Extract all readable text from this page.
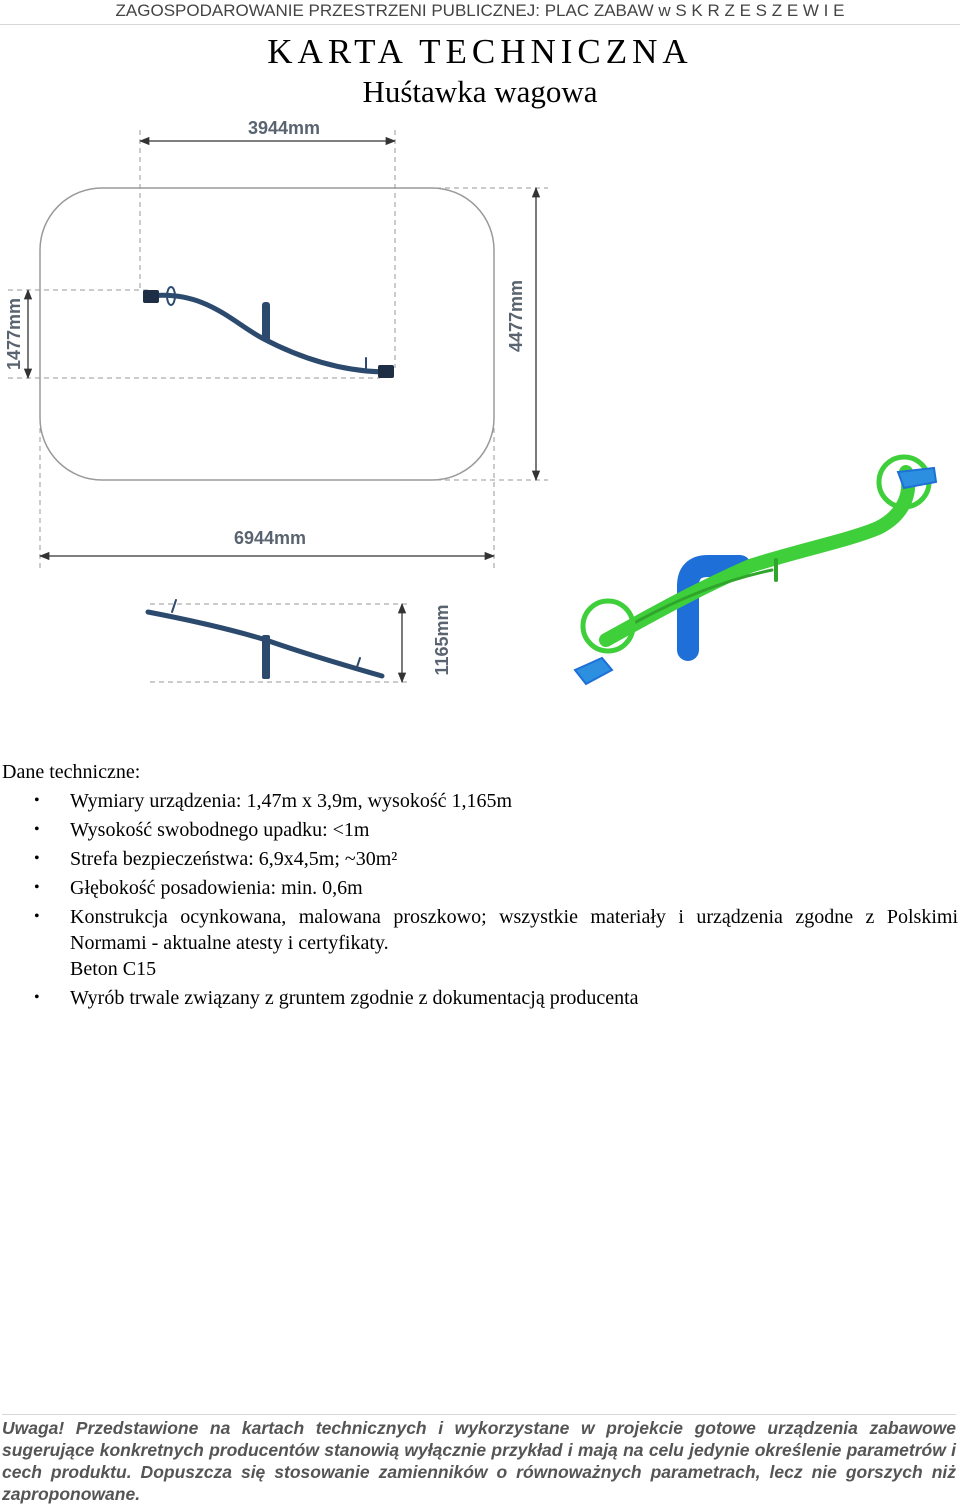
ZAGOSPODAROWANIE PRZESTRZENI PUBLICZNEJ: PLAC ZABAW w S K R Z E S Z E W I E
KARTA TECHNICZNA
Huśtawka wagowa
3944mm
1477mm	4477mm
6944mm
1165mm
Dane techniczne:
• Wymiary urządzenia: 1,47m x 3,9m, wysokość 1,165m
• Wysokość swobodnego upadku: <1m
• Strefa bezpieczeństwa: 6,9x4,5m; ~30m²
• Głębokość posadowienia: min. 0,6m
• Konstrukcja ocynkowana, malowana proszkowo; wszystkie materiały i urządzenia zgodne z Polskimi Normami - aktualne atesty i certyfikaty.
Beton C15
• Wyrób trwale związany z gruntem zgodnie z dokumentacją producenta
Uwaga! Przedstawione na kartach technicznych i wykorzystane w projekcie gotowe urządzenia zabawowe sugerujące konkretnych producentów stanowią wyłącznie przykład i mają na celu jedynie określenie parametrów i cech produktu. Dopuszcza się stosowanie zamienników o równoważnych parametrach, lecz nie gorszych niż zaproponowane.
